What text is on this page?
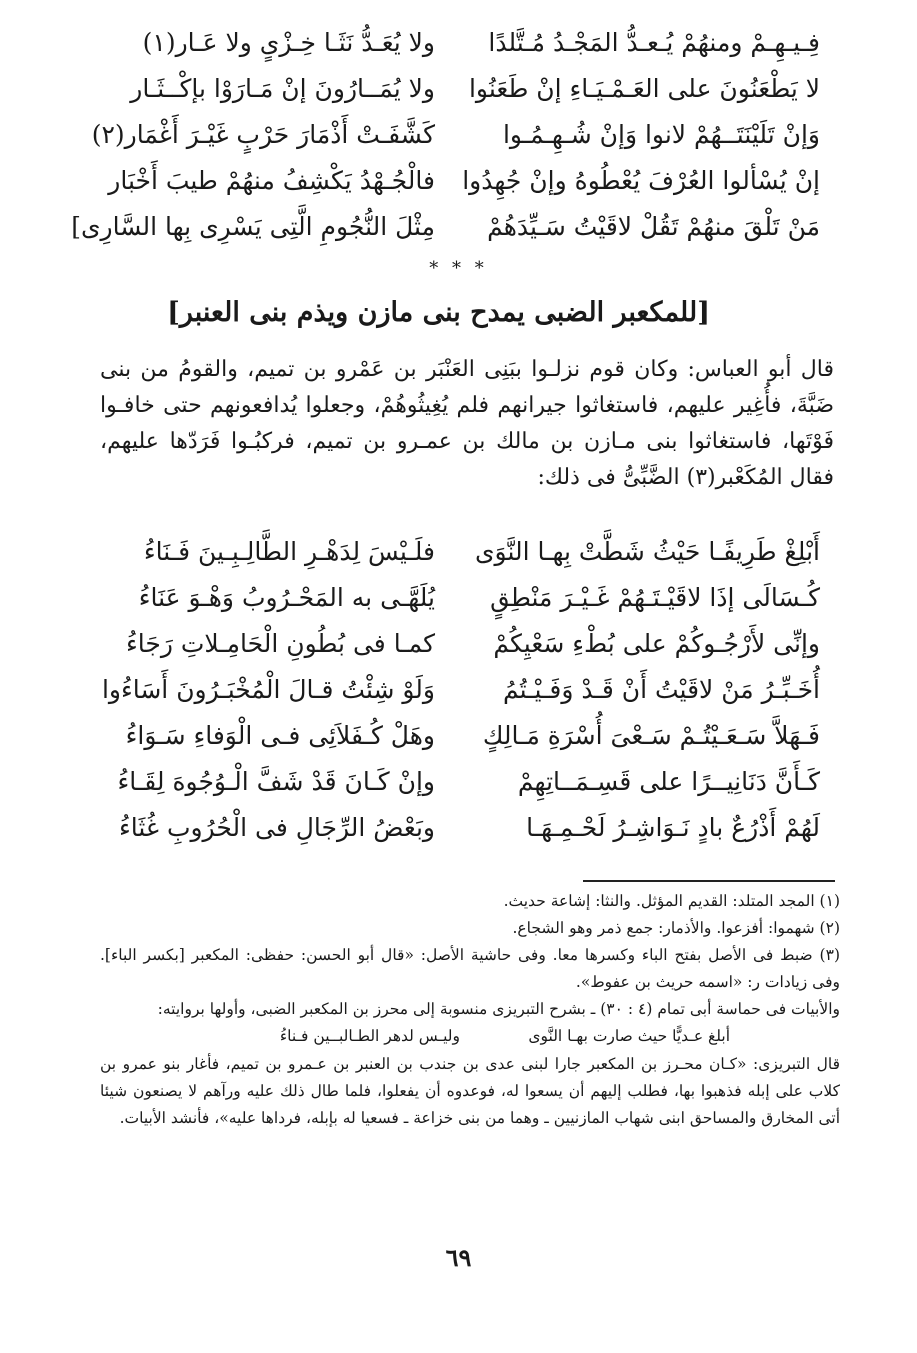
فِـيـهِـمْ ومنهُمْ يُـعـدُّ المَجْـدُ مُـتَّلدًا
ولا يُعَـدُّ نَثَـا خِـزْىٍ ولا عَـار(١)
لا يَطْعَنُونَ على العَـمْـيَـاءِ إنْ طَعَنُوا
ولا يُمَــارُونَ إنْ مَـارَوْا بإكْــثَـار
وَإنْ تَلَيْنَتَــهُمْ لانوا وَإنْ شُـهِـمُـوا
كَشَّفَـتْ أَذْمَارَ حَرْبٍ غَيْـرَ أَغْمَار(٢)
إنْ يُسْألوا العُرْفَ يُعْطُوهُ وإنْ جُهِدُوا
فالْجُـهْدُ يَكْشِفُ منهُمْ طيبَ أَخْبَار
مَنْ تَلْقَ منهُمْ تَقُلْ لاقَيْتُ سَـيِّدَهُمْ
مِثْلَ النُّجُومِ الَّتِى يَسْرِى بِها السَّارِى]
* * *
[للمكعبر الضبى يمدح بنى مازن ويذم بنى العنبر]
قال أبو العباس: وكان قوم نزلـوا ببَنِى العَنْبَر بن عَمْرو بن تميم، والقومُ من بنى ضَبَّةَ، فأُغِير عليهم، فاستغاثوا جيرانهم فلم يُغِيثُوهُمْ، وجعلوا يُدافعونهم حتى خافـوا فَوْتَها، فاستغاثوا بنى مـازن بن مالك بن عمـرو بن تميم، فركبُـوا فَرَدّها عليهم، فقال المُكَعْبر(٣) الضَّبِّىُّ فى ذلك:
أَبْلِغْ طَرِيفًـا حَيْثُ شَطَّتْ بِهـا النَّوَى
فلَـيْسَ لِدَهْـرِ الطَّالِـبِـينَ فَـنَاءُ
كُـسَالَى إذَا لاقَيْـتَـهُمْ غَـيْـرَ مَنْطِقٍ
يُلَهَّـى به المَحْـرُوبُ وَهْـوَ عَنَاءُ
وإنِّى لأَرْجُـوكُمْ على بُطْءِ سَعْيِكُمْ
كمـا فى بُطُونِ الْحَامِـلاتِ رَجَاءُ
أُخَـبِّـرُ مَنْ لاقَيْتُ أَنْ قَـدْ وَفَـيْـتُمُ
وَلَوْ شِئْتُ قـالَ الْمُخْبَـرُونَ أَسَاءُوا
فَـهَلاَّ سَـعَـيْتُـمْ سَـعْىَ أُسْرَةِ مَـالِكٍ
وهَلْ كُـفَلاَئِى فـى الْوَفاءِ سَـوَاءُ
كَـأَنَّ دَنَانِيــرًا على قَسِـمَــاتِهِمْ
وإنْ كَـانَ قَدْ شَفَّ الْـوُجُوهَ لِقَـاءُ
لَهُمْ أَذْرُعٌ بادٍ نَـوَاشِـرُ لَحْـمِـهَـا
وبَعْضُ الرِّجَالِ فى الْحُرُوبِ غُثَاءُ

(١) المجد المتلد: القديم المؤثل. والنثا: إشاعة حديث.

(٢) شهموا: أفزعوا. والأذمار: جمع ذمر وهو الشجاع.

(٣) ضبط فى الأصل بفتح الباء وكسرها معا. وفى حاشية الأصل: «قال أبو الحسن: حفظى: المكعبر [بكسر الباء]. وفى زيادات ر: «اسمه حريث بن عفوط».

والأبيات فى حماسة أبى تمام (٤ : ٣٠) ـ بشرح التبريزى منسوبة إلى محرز بن المكعبر الضبى، وأولها بروايته:

أبلغ عـديًّا حيث صارت بهـا النَّوى
وليـس لدهر الطـالبــين فـناءُ

قال التبريزى: «كـان محـرز بن المكعبر جارا لبنى عدى بن جندب بن العنبر بن عـمرو بن تميم، فأغار بنو عمرو بن كلاب على إبله فذهبوا بها، فطلب إليهم أن يسعوا له، فوعدوه أن يفعلوا، فلما طال ذلك عليه ورآهم لا يصنعون شيئا أتى المخارق والمساحق ابنى شهاب المازنيين ـ وهما من بنى خزاعة ـ فسعيا له بإبله، فرداها عليه»، فأنشد الأبيات.

٦٩
